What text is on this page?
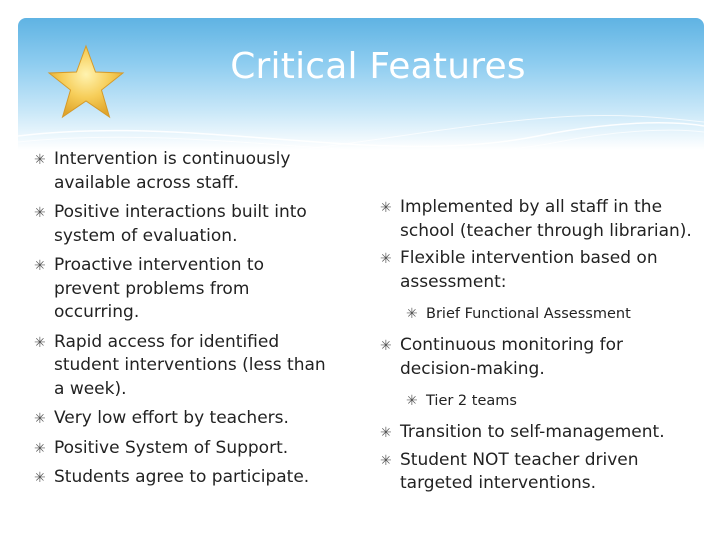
Critical Features
✳ Intervention is continuously available across staff.
✳ Positive interactions built into system of evaluation.
✳ Proactive intervention to prevent problems from occurring.
✳ Rapid access for identified student interventions (less than a week).
✳ Very low effort by teachers.
✳ Positive System of Support.
✳ Students agree to participate.
✳ Implemented by all staff in the school (teacher through librarian).
✳ Flexible intervention based on assessment:
✳ Brief Functional Assessment
✳ Continuous monitoring for decision-making.
✳ Tier 2 teams
✳ Transition to self-management.
✳ Student NOT teacher driven targeted interventions.
